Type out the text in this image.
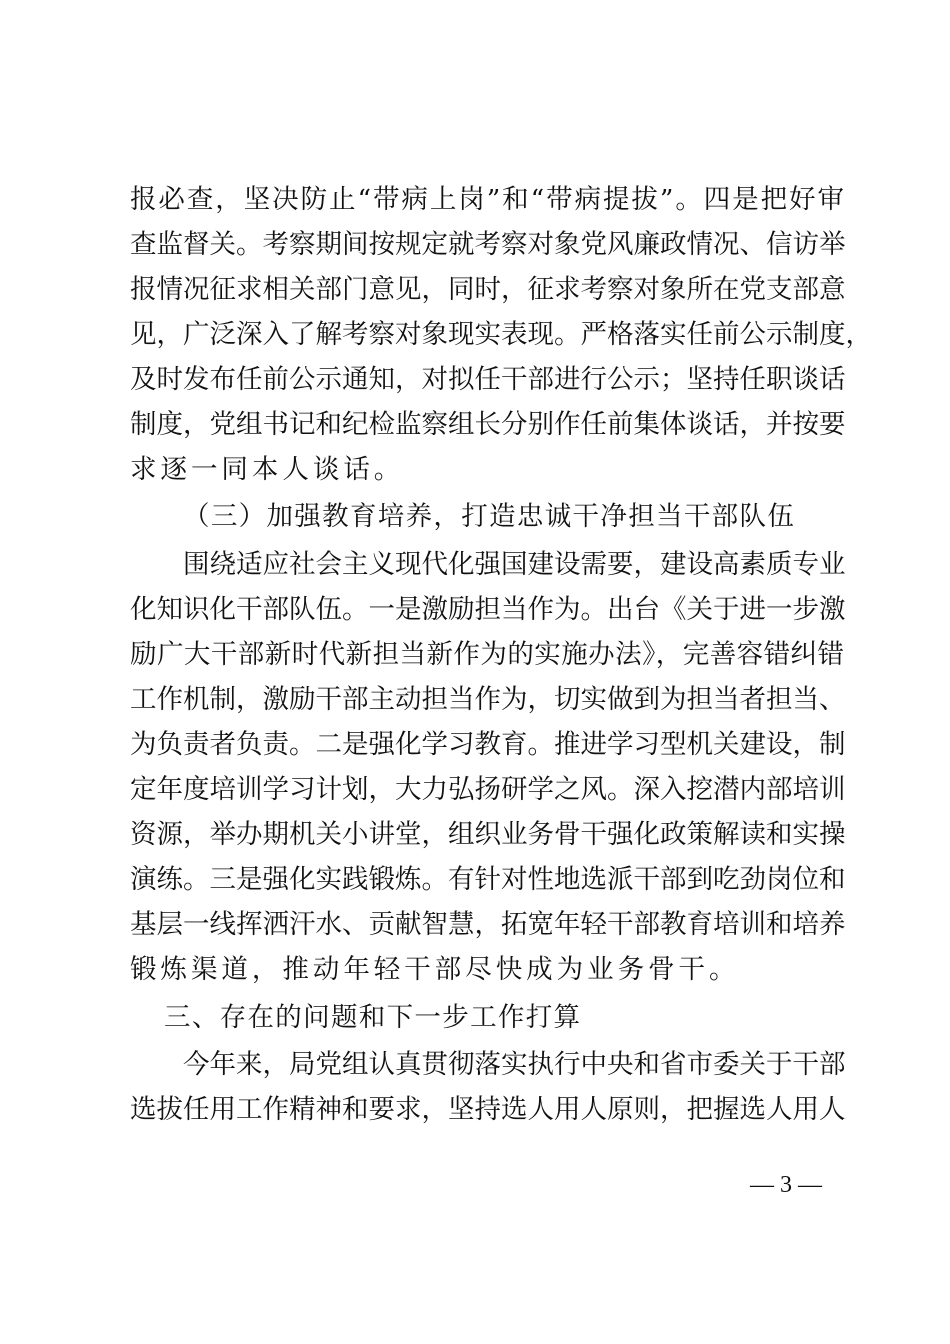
报必查，坚决防止“带病上岗”和“带病提拔”。四是把好审
查监督关。考察期间按规定就考察对象党风廉政情况、信访举
报情况征求相关部门意见，同时，征求考察对象所在党支部意
见，广泛深入了解考察对象现实表现。严格落实任前公示制度，
及时发布任前公示通知，对拟任干部进行公示；坚持任职谈话
制度，党组书记和纪检监察组长分别作任前集体谈话，并按要
求逐一同本人谈话。
（三）加强教育培养，打造忠诚干净担当干部队伍
围绕适应社会主义现代化强国建设需要，建设高素质专业
化知识化干部队伍。一是激励担当作为。出台《关于进一步激
励广大干部新时代新担当新作为的实施办法》，完善容错纠错
工作机制，激励干部主动担当作为，切实做到为担当者担当、
为负责者负责。二是强化学习教育。推进学习型机关建设，制
定年度培训学习计划，大力弘扬研学之风。深入挖潜内部培训
资源，举办期机关小讲堂，组织业务骨干强化政策解读和实操
演练。三是强化实践锻炼。有针对性地选派干部到吃劲岗位和
基层一线挥洒汗水、贡献智慧，拓宽年轻干部教育培训和培养
锻炼渠道，推动年轻干部尽快成为业务骨干。
三、存在的问题和下一步工作打算
今年来，局党组认真贯彻落实执行中央和省市委关于干部
选拔任用工作精神和要求，坚持选人用人原则，把握选人用人
— 3 —
